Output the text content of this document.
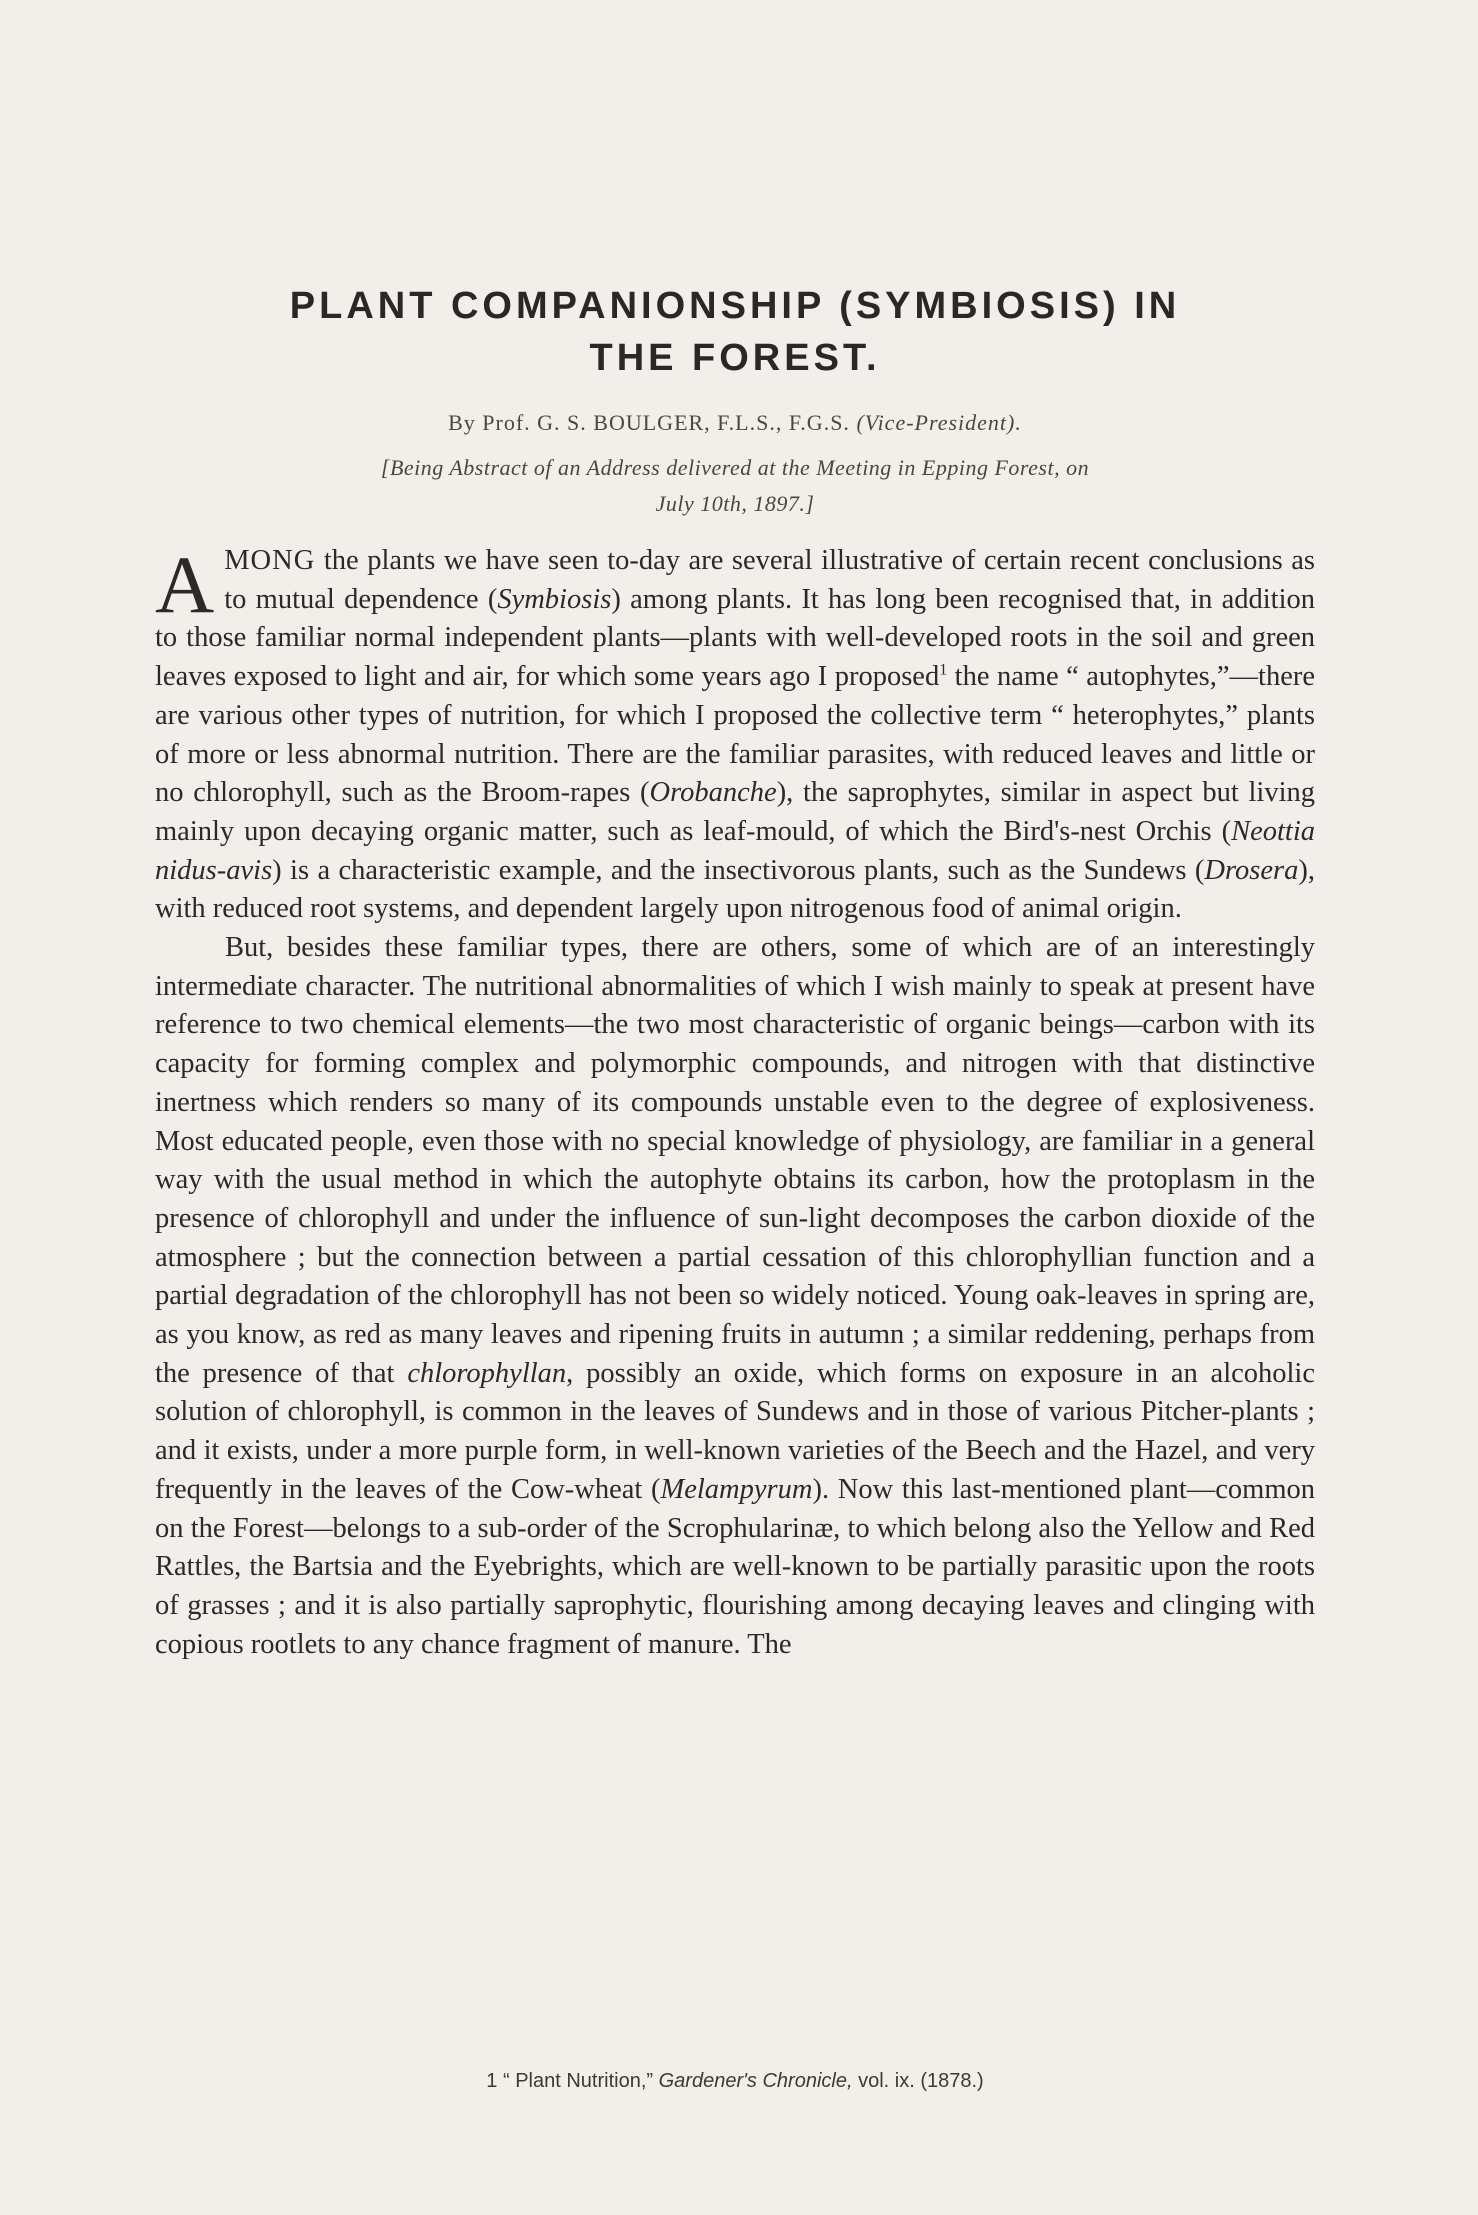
PLANT COMPANIONSHIP (SYMBIOSIS) IN
THE FOREST.
By Prof. G. S. BOULGER, F.L.S., F.G.S. (Vice-President).
[Being Abstract of an Address delivered at the Meeting in Epping Forest, on
July 10th, 1897.]

AMONG the plants we have seen to-day are several illustrative of certain recent conclusions as to mutual dependence (Symbiosis) among plants. It has long been recognised that, in addition to those familiar normal independent plants—plants with well-developed roots in the soil and green leaves exposed to light and air, for which some years ago I proposed$^1$ the name “ autophytes,”—there are various other types of nutrition, for which I proposed the collective term “ heterophytes,” plants of more or less abnormal nutrition. There are the familiar parasites, with reduced leaves and little or no chlorophyll, such as the Broom-rapes (Orobanche), the saprophytes, similar in aspect but living mainly upon decaying organic matter, such as leaf-mould, of which the Bird's-nest Orchis (Neottia nidus-avis) is a characteristic example, and the insectivorous plants, such as the Sundews (Drosera), with reduced root systems, and dependent largely upon nitrogenous food of animal origin.

But, besides these familiar types, there are others, some of which are of an interestingly intermediate character. The nutritional abnormalities of which I wish mainly to speak at present have reference to two chemical elements—the two most characteristic of organic beings—carbon with its capacity for forming complex and polymorphic compounds, and nitrogen with that distinctive inertness which renders so many of its compounds unstable even to the degree of explosiveness. Most educated people, even those with no special knowledge of physiology, are familiar in a general way with the usual method in which the autophyte obtains its carbon, how the protoplasm in the presence of chlorophyll and under the influence of sun-light decomposes the carbon dioxide of the atmosphere ; but the connection between a partial cessation of this chlorophyllian function and a partial degradation of the chlorophyll has not been so widely noticed. Young oak-leaves in spring are, as you know, as red as many leaves and ripening fruits in autumn ; a similar reddening, perhaps from the presence of that chlorophyllan, possibly an oxide, which forms on exposure in an alcoholic solution of chlorophyll, is common in the leaves of Sundews and in those of various Pitcher-plants ; and it exists, under a more purple form, in well-known varieties of the Beech and the Hazel, and very frequently in the leaves of the Cow-wheat (Melampyrum). Now this last-mentioned plant—common on the Forest—belongs to a sub-order of the Scrophularinæ, to which belong also the Yellow and Red Rattles, the Bartsia and the Eyebrights, which are well-known to be partially parasitic upon the roots of grasses ; and it is also partially saprophytic, flourishing among decaying leaves and clinging with copious rootlets to any chance fragment of manure. The

1 “ Plant Nutrition,” Gardener's Chronicle, vol. ix. (1878.)
